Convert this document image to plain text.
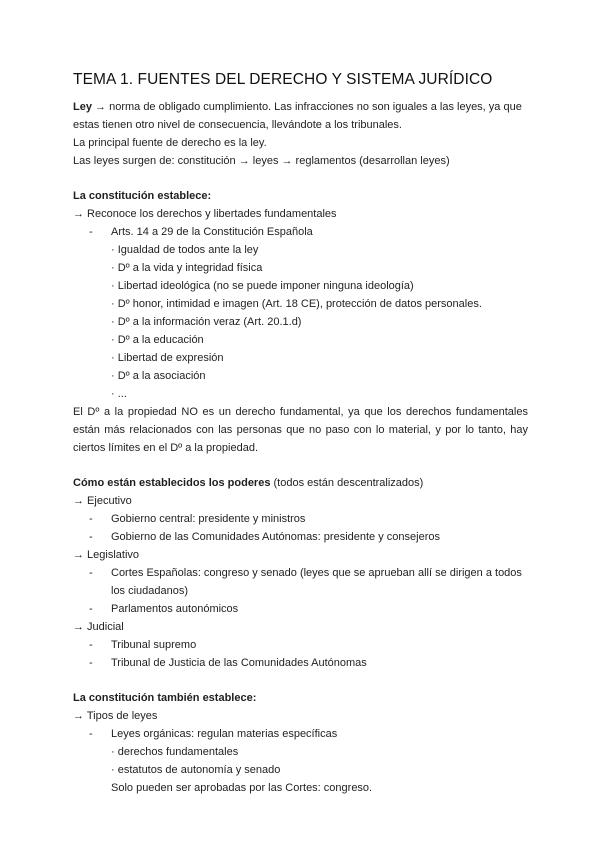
TEMA 1. FUENTES DEL DERECHO Y SISTEMA JURÍDICO

Ley → norma de obligado cumplimiento. Las infracciones no son iguales a las leyes, ya que estas tienen otro nivel de consecuencia, llevándote a los tribunales.

La principal fuente de derecho es la ley.

Las leyes surgen de: constitución → leyes → reglamentos (desarrollan leyes)

La constitución establece:

→ Reconoce los derechos y libertades fundamentales

- Arts. 14 a 29 de la Constitución Española

· Igualdad de todos ante la ley

· Dº a la vida y integridad física

· Libertad ideológica (no se puede imponer ninguna ideología)

· Dº honor, intimidad e imagen (Art. 18 CE), protección de datos personales.

· Dº a la información veraz (Art. 20.1.d)

· Dº a la educación

· Libertad de expresión

· Dº a la asociación

· ...

El Dº a la propiedad NO es un derecho fundamental, ya que los derechos fundamentales están más relacionados con las personas que no paso con lo material, y por lo tanto, hay ciertos límites en el Dº a la propiedad.

Cómo están establecidos los poderes (todos están descentralizados)

→ Ejecutivo

- Gobierno central: presidente y ministros

- Gobierno de las Comunidades Autónomas: presidente y consejeros

→ Legislativo

- Cortes Españolas: congreso y senado (leyes que se aprueban allí se dirigen a todos los ciudadanos)

- Parlamentos autonómicos

→ Judicial

- Tribunal supremo

- Tribunal de Justicia de las Comunidades Autónomas

La constitución también establece:

→ Tipos de leyes

- Leyes orgánicas: regulan materias específicas

· derechos fundamentales

· estatutos de autonomía y senado

Solo pueden ser aprobadas por las Cortes: congreso.
